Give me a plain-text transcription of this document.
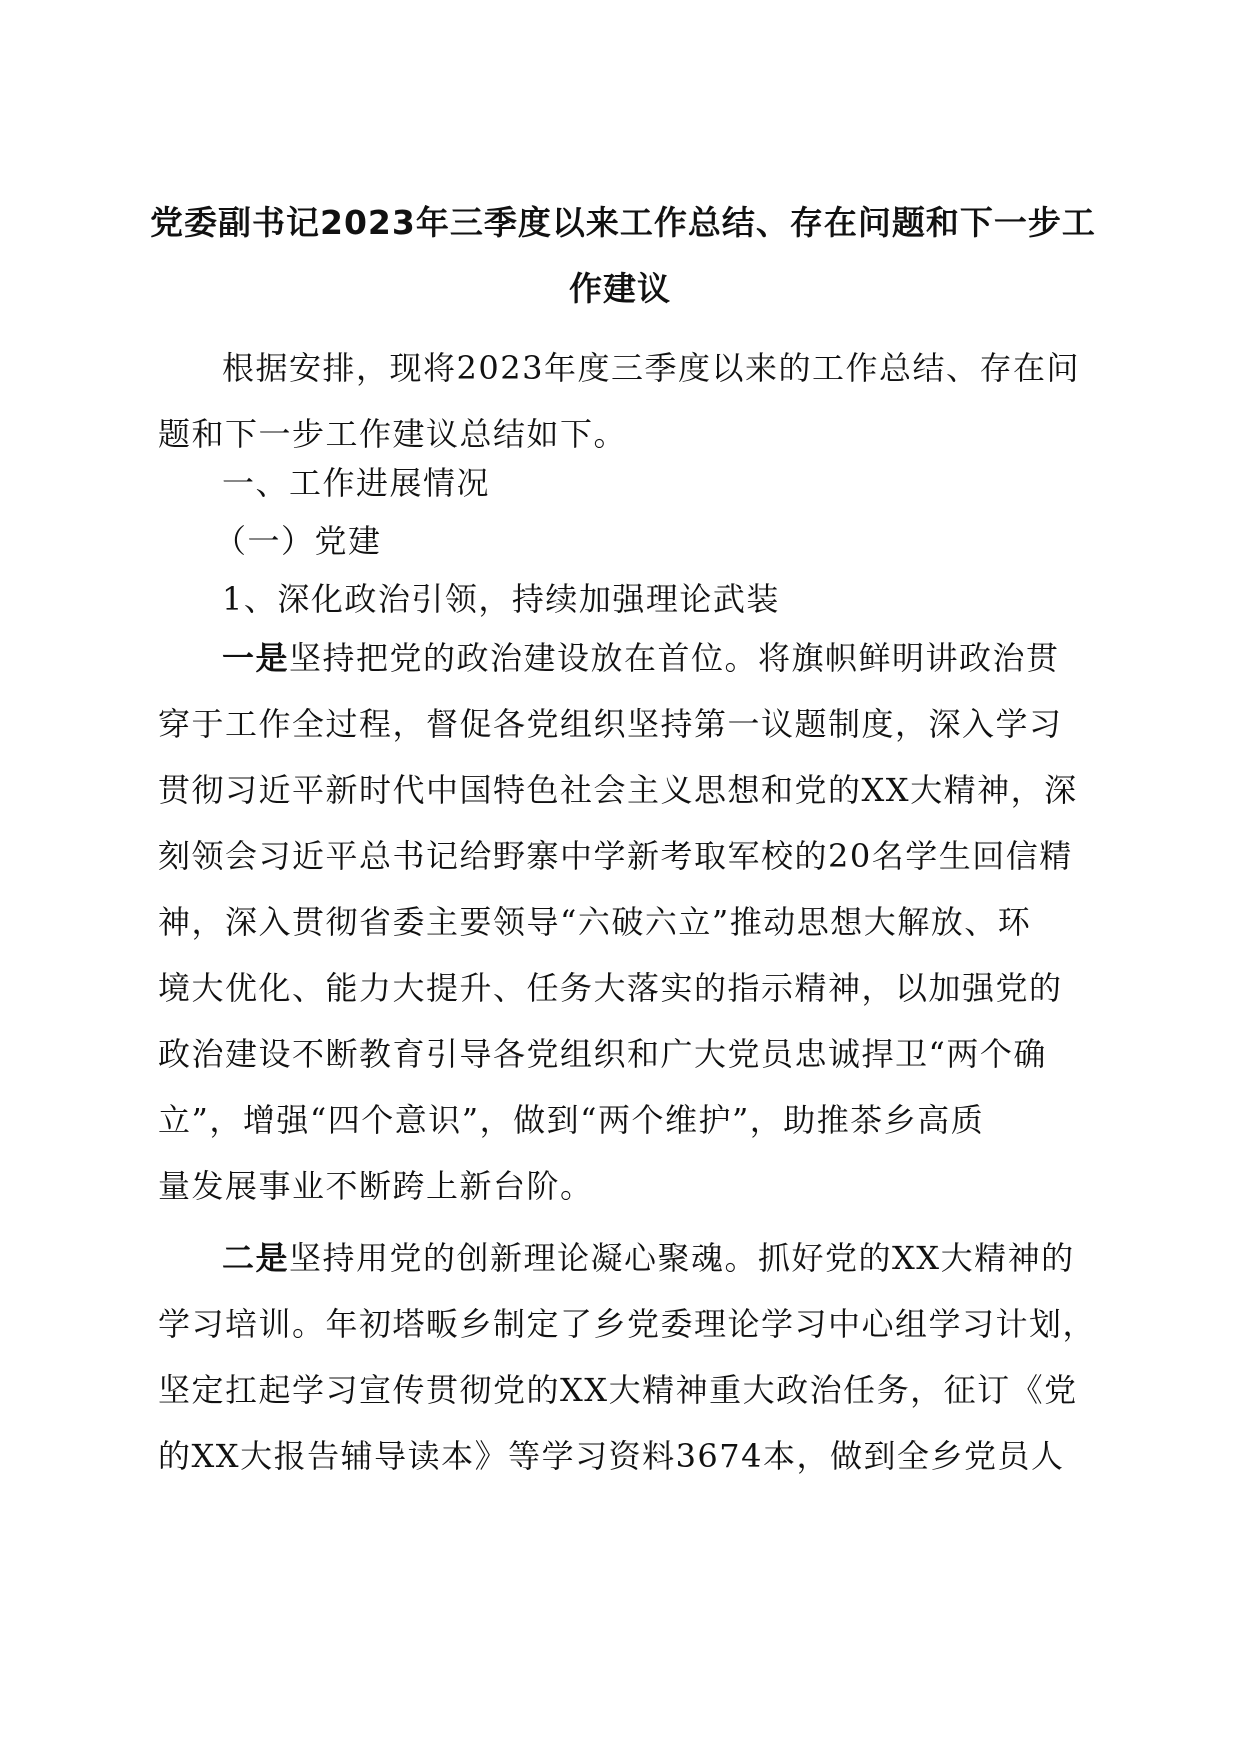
党委副书记2023年三季度以来工作总结、存在问题和下一步工
作建议
根据安排，现将2023年度三季度以来的工作总结、存在问
题和下一步工作建议总结如下。
一、工作进展情况
（一）党建
1、深化政治引领，持续加强理论武装
一是坚持把党的政治建设放在首位。将旗帜鲜明讲政治贯
穿于工作全过程，督促各党组织坚持第一议题制度，深入学习
贯彻习近平新时代中国特色社会主义思想和党的XX大精神，深
刻领会习近平总书记给野寨中学新考取军校的20名学生回信精
神，深入贯彻省委主要领导“六破六立”推动思想大解放、环
境大优化、能力大提升、任务大落实的指示精神，以加强党的
政治建设不断教育引导各党组织和广大党员忠诚捍卫“两个确
立”，增强“四个意识”，做到“两个维护”，助推茶乡高质
量发展事业不断跨上新台阶。
二是坚持用党的创新理论凝心聚魂。抓好党的XX大精神的
学习培训。年初塔畈乡制定了乡党委理论学习中心组学习计划，
坚定扛起学习宣传贯彻党的XX大精神重大政治任务，征订《党
的XX大报告辅导读本》等学习资料3674本，做到全乡党员人
